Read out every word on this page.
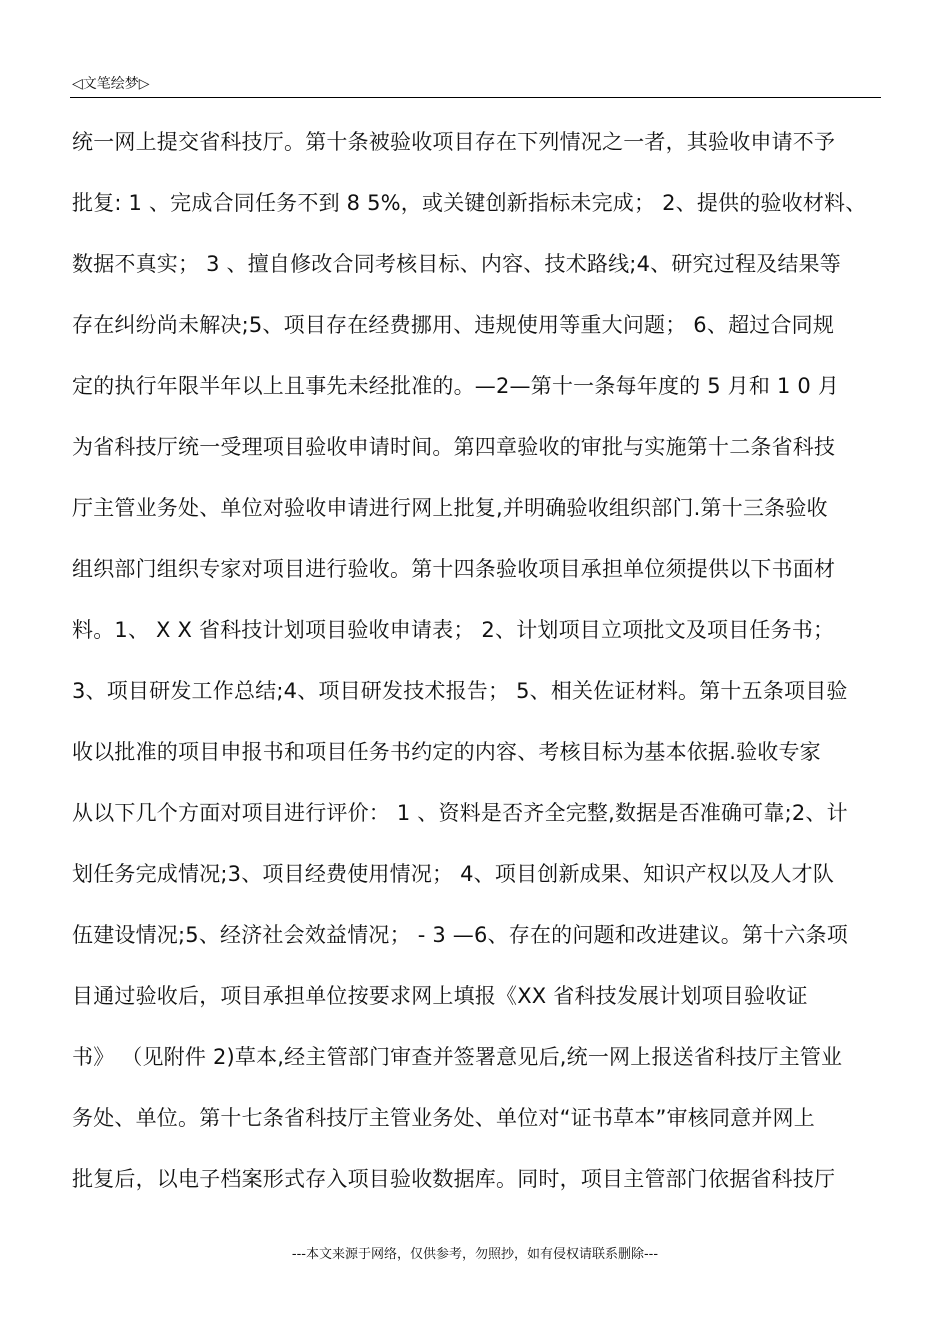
◁文笔绘梦▷
统一网上提交省科技厅。第十条被验收项目存在下列情况之一者，其验收申请不予
批复: 1 、完成合同任务不到 8 5%，或关键创新指标未完成； 2、提供的验收材料、
数据不真实； 3 、擅自修改合同考核目标、内容、技术路线;4、研究过程及结果等
存在纠纷尚未解决;5、项目存在经费挪用、违规使用等重大问题； 6、超过合同规
定的执行年限半年以上且事先未经批准的。—2—第十一条每年度的 5 月和 1 0 月
为省科技厅统一受理项目验收申请时间。第四章验收的审批与实施第十二条省科技
厅主管业务处、单位对验收申请进行网上批复,并明确验收组织部门.第十三条验收
组织部门组织专家对项目进行验收。第十四条验收项目承担单位须提供以下书面材
料。1、 X X 省科技计划项目验收申请表； 2、计划项目立项批文及项目任务书；
3、项目研发工作总结;4、项目研发技术报告； 5、相关佐证材料。第十五条项目验
收以批准的项目申报书和项目任务书约定的内容、考核目标为基本依据.验收专家
从以下几个方面对项目进行评价： 1 、资料是否齐全完整,数据是否准确可靠;2、计
划任务完成情况;3、项目经费使用情况； 4、项目创新成果、知识产权以及人才队
伍建设情况;5、经济社会效益情况； - 3 —6、存在的问题和改进建议。第十六条项
目通过验收后，项目承担单位按要求网上填报《XX 省科技发展计划项目验收证
书》 （见附件 2)草本,经主管部门审查并签署意见后,统一网上报送省科技厅主管业
务处、单位。第十七条省科技厅主管业务处、单位对“证书草本”审核同意并网上
批复后，以电子档案形式存入项目验收数据库。同时，项目主管部门依据省科技厅
---本文来源于网络，仅供参考，勿照抄，如有侵权请联系删除---
